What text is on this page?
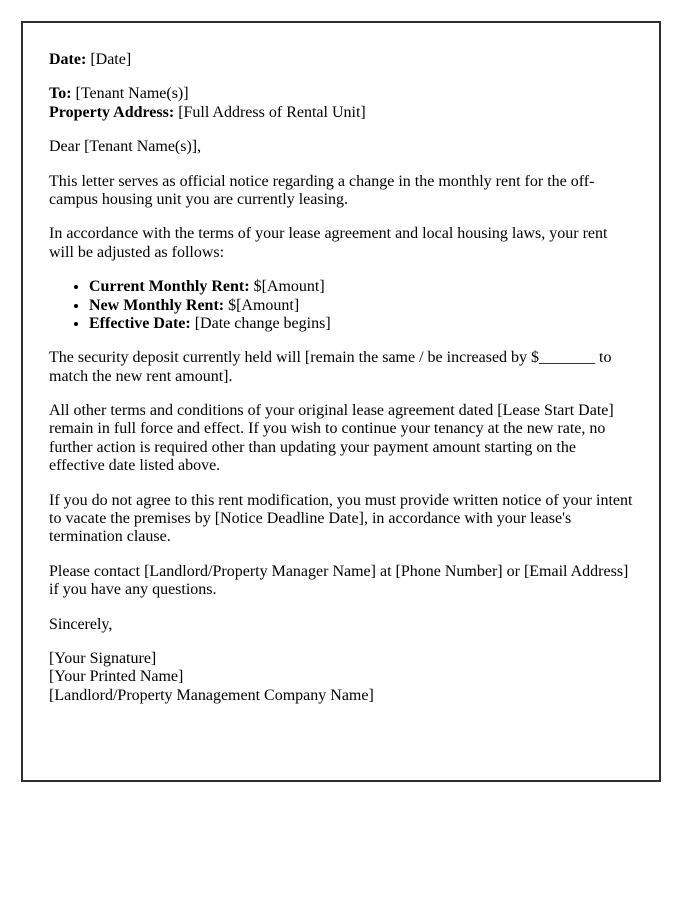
Date: [Date]

To: [Tenant Name(s)]
Property Address: [Full Address of Rental Unit]

Dear [Tenant Name(s)],

This letter serves as official notice regarding a change in the monthly rent for the off-campus housing unit you are currently leasing.

In accordance with the terms of your lease agreement and local housing laws, your rent will be adjusted as follows:

• Current Monthly Rent: $[Amount]
• New Monthly Rent: $[Amount]
• Effective Date: [Date change begins]

The security deposit currently held will [remain the same / be increased by $_______ to match the new rent amount].

All other terms and conditions of your original lease agreement dated [Lease Start Date] remain in full force and effect. If you wish to continue your tenancy at the new rate, no further action is required other than updating your payment amount starting on the effective date listed above.

If you do not agree to this rent modification, you must provide written notice of your intent to vacate the premises by [Notice Deadline Date], in accordance with your lease's termination clause.

Please contact [Landlord/Property Manager Name] at [Phone Number] or [Email Address] if you have any questions.

Sincerely,

[Your Signature]
[Your Printed Name]
[Landlord/Property Management Company Name]
